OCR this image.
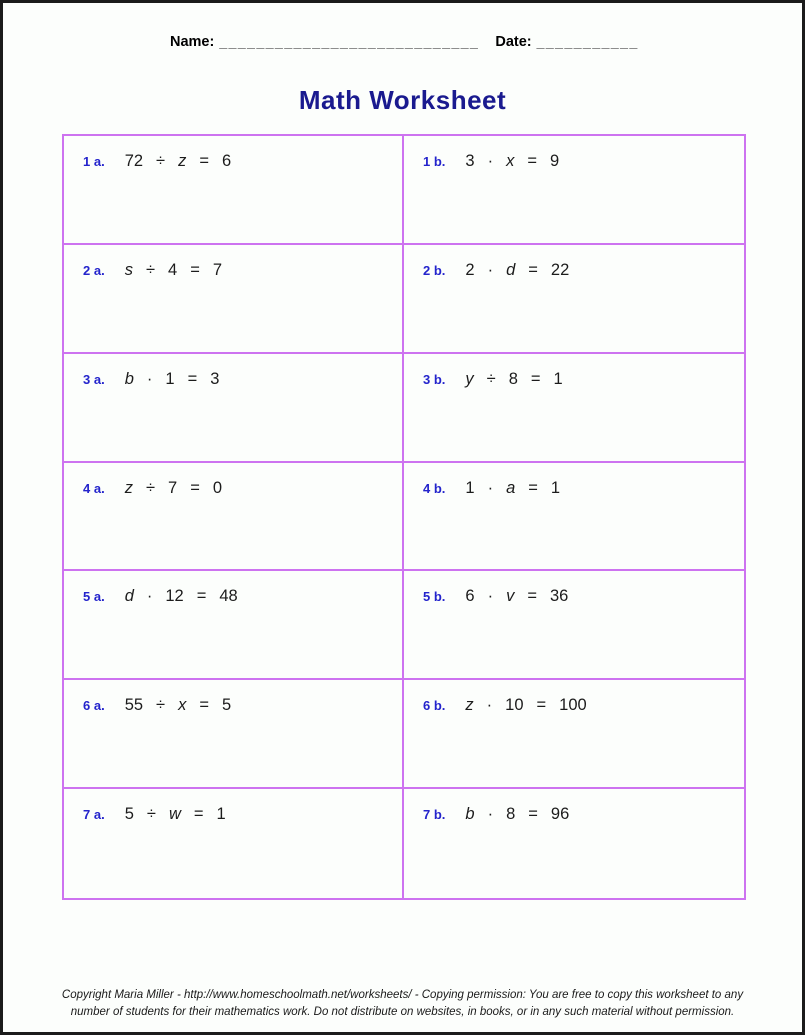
Name: ____________________________ Date: ___________
Math Worksheet
1 a. 72 ÷ z = 6	1 b. 3 · x = 9
2 a. s ÷ 4 = 7	2 b. 2 · d = 22
3 a. b · 1 = 3	3 b. y ÷ 8 = 1
4 a. z ÷ 7 = 0	4 b. 1 · a = 1
5 a. d · 12 = 48	5 b. 6 · v = 36
6 a. 55 ÷ x = 5	6 b. z · 10 = 100
7 a. 5 ÷ w = 1	7 b. b · 8 = 96
Copyright Maria Miller - http://www.homeschoolmath.net/worksheets/ - Copying permission: You are free to copy this worksheet to any
number of students for their mathematics work. Do not distribute on websites, in books, or in any such material without permission.
